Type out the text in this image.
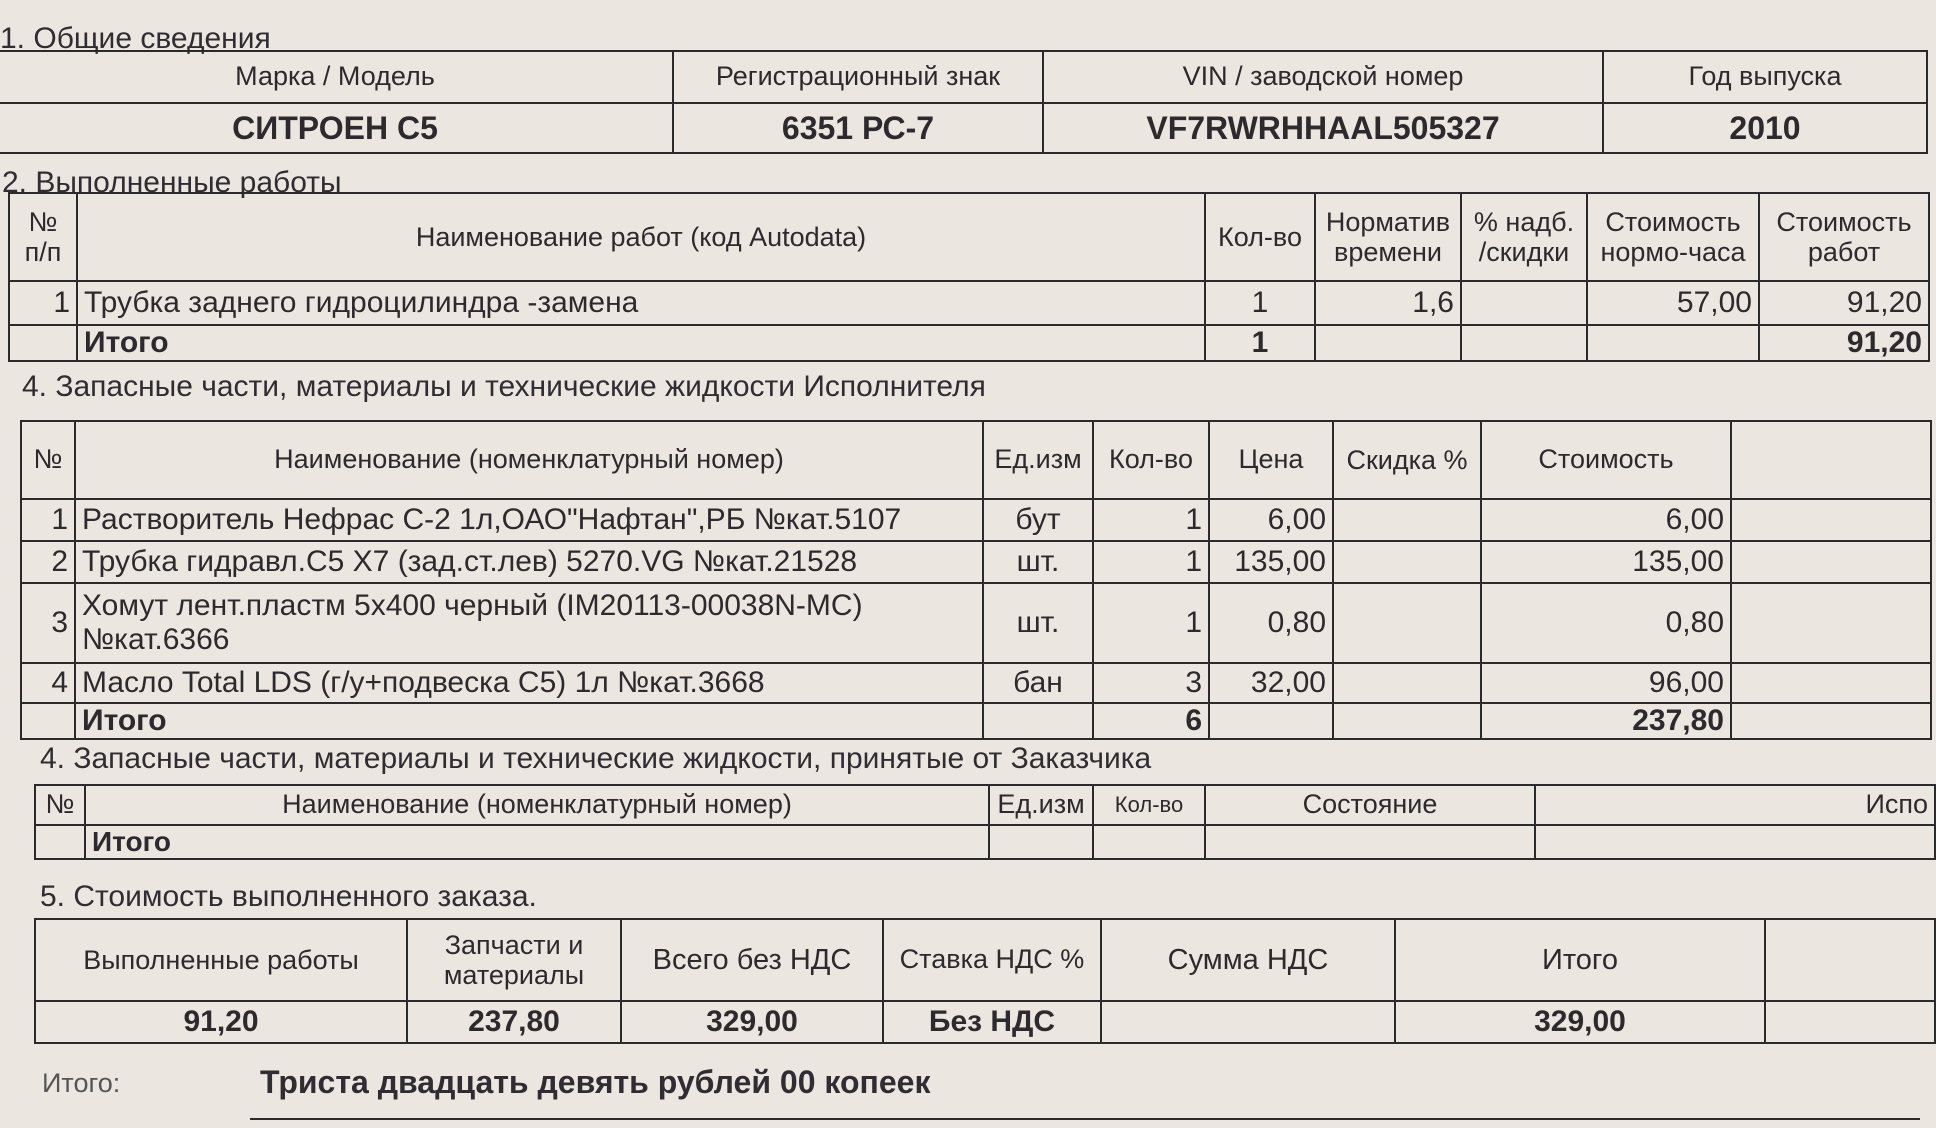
1. Общие сведения
Марка / Модель	Регистрационный знак	VIN / заводской номер	Год выпуска
СИТРОЕН С5	6351 РС-7	VF7RWRHHAAL505327	2010
2. Выполненные работы
№ п/п	Наименование работ (код Autodata)	Кол-во	Норматив времени	% надб. /скидки	Стоимость нормо-часа	Стоимость работ
1	Трубка заднего гидроцилиндра -замена	1	1,6		57,00	91,20
	Итого	1				91,20
4. Запасные части, материалы и технические жидкости Исполнителя
№	Наименование (номенклатурный номер)	Ед.изм	Кол-во	Цена	Скидка %	Стоимость	
1	Растворитель Нефрас С-2 1л,ОАО"Нафтан",РБ №кат.5107	бут	1	6,00		6,00	
2	Трубка гидравл.C5 X7 (зад.ст.лев) 5270.VG №кат.21528	шт.	1	135,00		135,00	
3	Хомут лент.пластм 5х400 черный (IM20113-00038N-MC) №кат.6366	шт.	1	0,80		0,80	
4	Масло Total LDS (г/у+подвеска С5) 1л №кат.3668	бан	3	32,00		96,00	
	Итого		6			237,80	
4. Запасные части, материалы и технические жидкости, принятые от Заказчика
№	Наименование (номенклатурный номер)	Ед.изм	Кол-во	Состояние	Испо
	Итого				
5. Стоимость выполненного заказа.
Выполненные работы	Запчасти и материалы	Всего без НДС	Ставка НДС %	Сумма НДС	Итого	
91,20	237,80	329,00	Без НДС		329,00	
Итого:	Триста двадцать девять рублей 00 копеек
